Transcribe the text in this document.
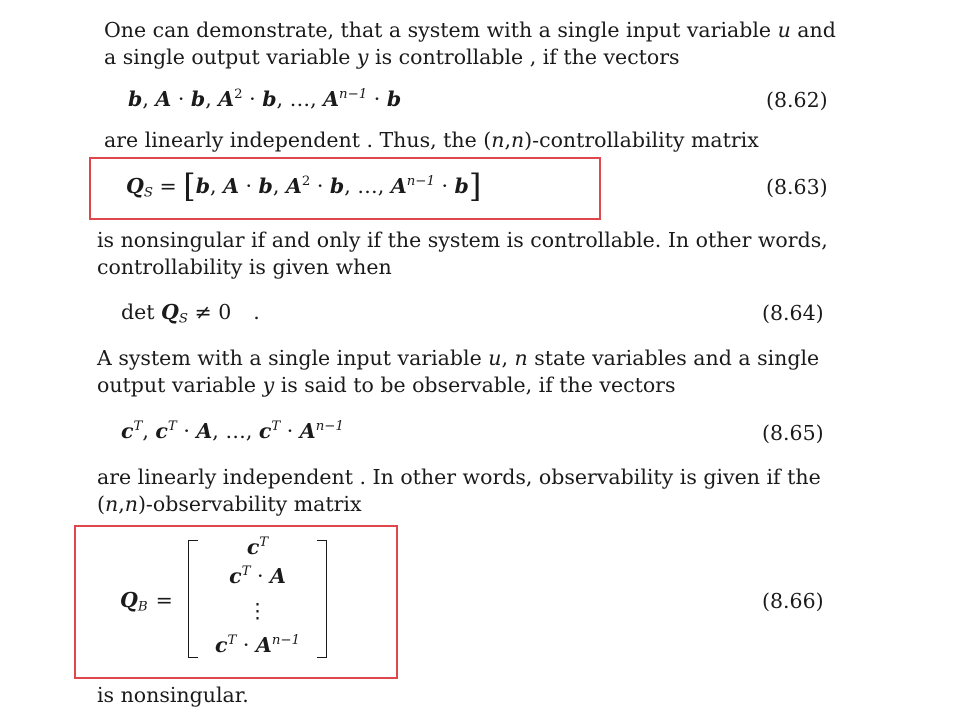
One can demonstrate, that a system with a single input variable u and
a single output variable y is controllable , if the vectors
b, A · b, $A^2 \cdot b$, …, $A^{n-1} \cdot b$	(8.62)
are linearly independent . Thus, the (n,n)-controllability matrix
$Q_S = [b$, A · b, $A^2 \cdot b$, …, $A^{n-1} \cdot b$]	(8.63)
is nonsingular if and only if the system is controllable. In other words,
controllability is given when
$\det Q_S \ne 0$ .	(8.64)
A system with a single input variable u, n state variables and a single
output variable y is said to be observable, if the vectors
$c^T$, $c^T \cdot A$, …, $c^T \cdot A^{n-1}$	(8.65)
are linearly independent . In other words, observability is given if the
(n,n)-observability matrix
$Q_B$ =
$c^T$
$c^T \cdot A$
⋮
$c^T \cdot A^{n-1}$
(8.66)
is nonsingular.
